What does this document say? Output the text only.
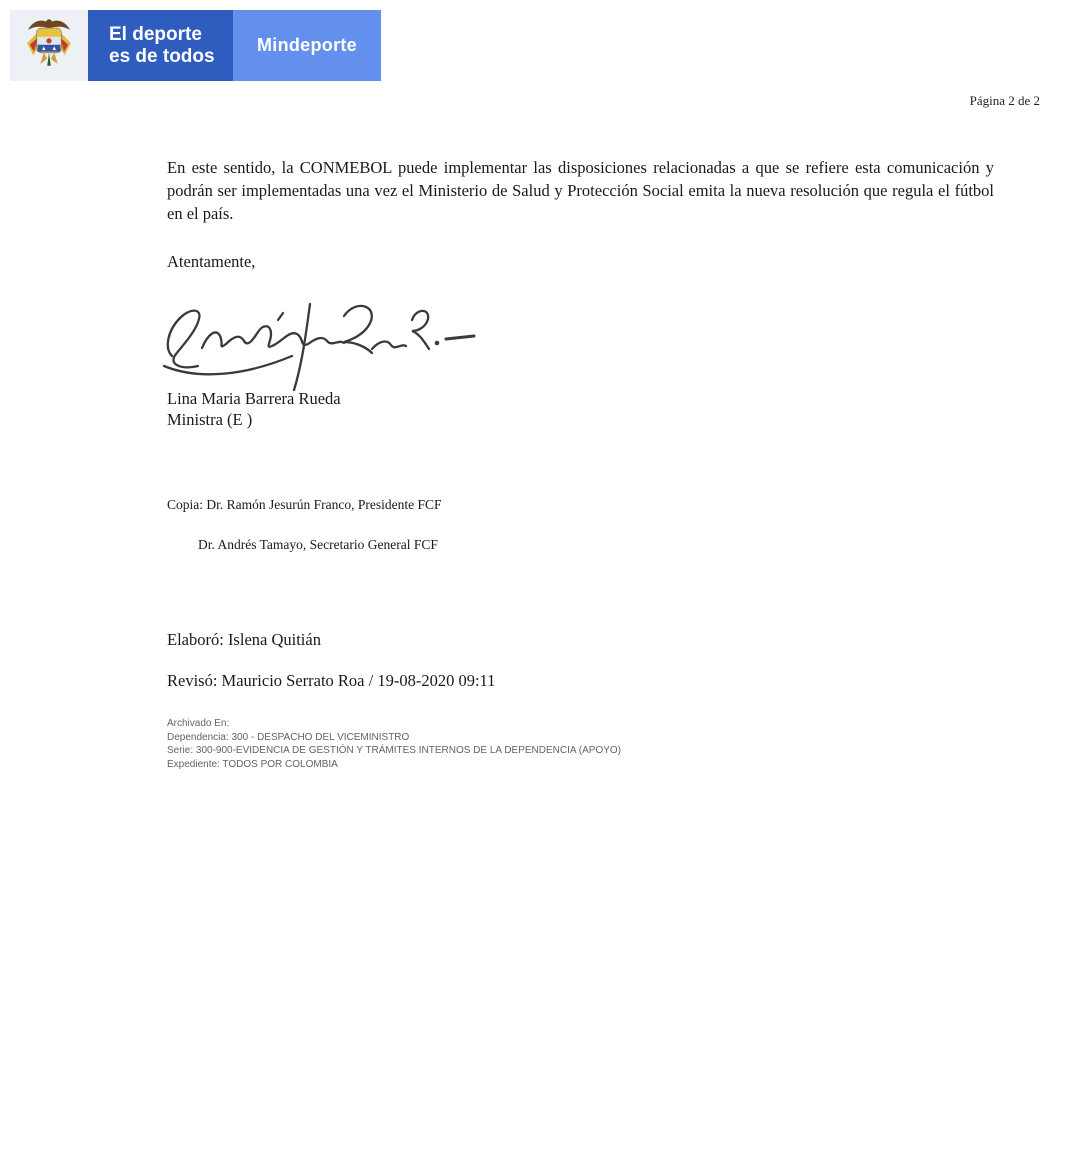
El deporte
es de todos
Mindeporte
Página 2 de 2
En este sentido, la CONMEBOL puede implementar las disposiciones relacionadas a que se refiere esta comunicación y podrán ser implementadas una vez el Ministerio de Salud y Protección Social emita la nueva resolución que regula el fútbol en el país.
Atentamente,
Lina Maria Barrera Rueda
Ministra (E )
Copia: Dr. Ramón Jesurún Franco, Presidente FCF
Dr. Andrés Tamayo, Secretario General FCF
Elaboró: Islena Quitián
Revisó: Mauricio Serrato Roa / 19-08-2020 09:11
Archivado En:
Dependencia: 300 - DESPACHO DEL VICEMINISTRO
Serie: 300-900-EVIDENCIA DE GESTIÓN Y TRÁMITES INTERNOS DE LA DEPENDENCIA (APOYO)
Expediente: TODOS POR COLOMBIA
